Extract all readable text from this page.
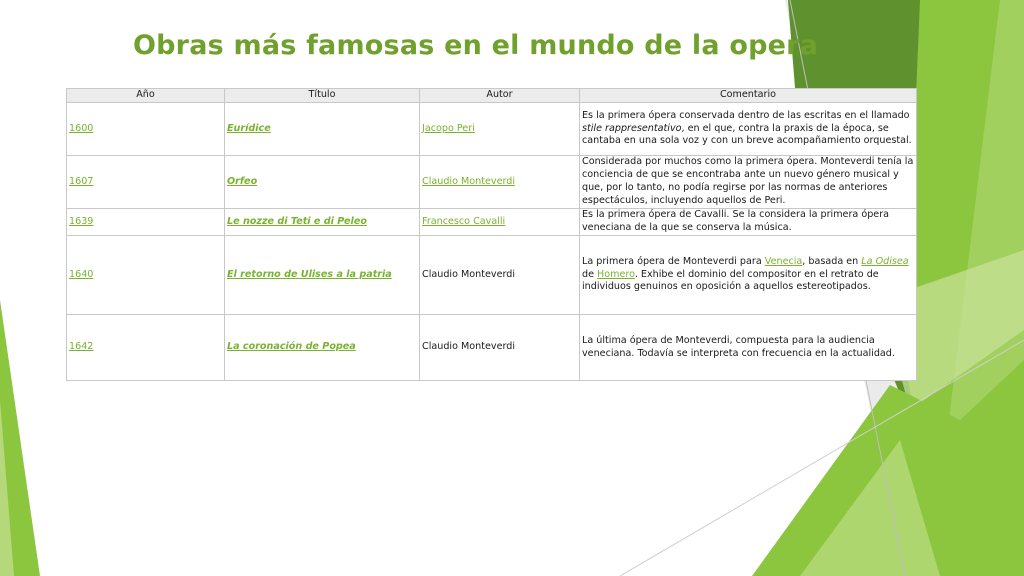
Obras más famosas en el mundo de la opera
Año	Título	Autor	Comentario
1600	Eurídice	Jacopo Peri	Es la primera ópera conservada dentro de las escritas en el llamado stile rappresentativo, en el que, contra la praxis de la época, se cantaba en una sola voz y con un breve acompañamiento orquestal.
1607	Orfeo	Claudio Monteverdi	Considerada por muchos como la primera ópera. Monteverdi tenía la conciencia de que se encontraba ante un nuevo género musical y que, por lo tanto, no podía regirse por las normas de anteriores espectáculos, incluyendo aquellos de Peri.
1639	Le nozze di Teti e di Peleo	Francesco Cavalli	Es la primera ópera de Cavalli. Se la considera la primera ópera veneciana de la que se conserva la música.
1640	El retorno de Ulises a la patria	Claudio Monteverdi	La primera ópera de Monteverdi para Venecia, basada en La Odisea de Homero. Exhibe el dominio del compositor en el retrato de individuos genuinos en oposición a aquellos estereotipados.
1642	La coronación de Popea	Claudio Monteverdi	La última ópera de Monteverdi, compuesta para la audiencia veneciana. Todavía se interpreta con frecuencia en la actualidad.
